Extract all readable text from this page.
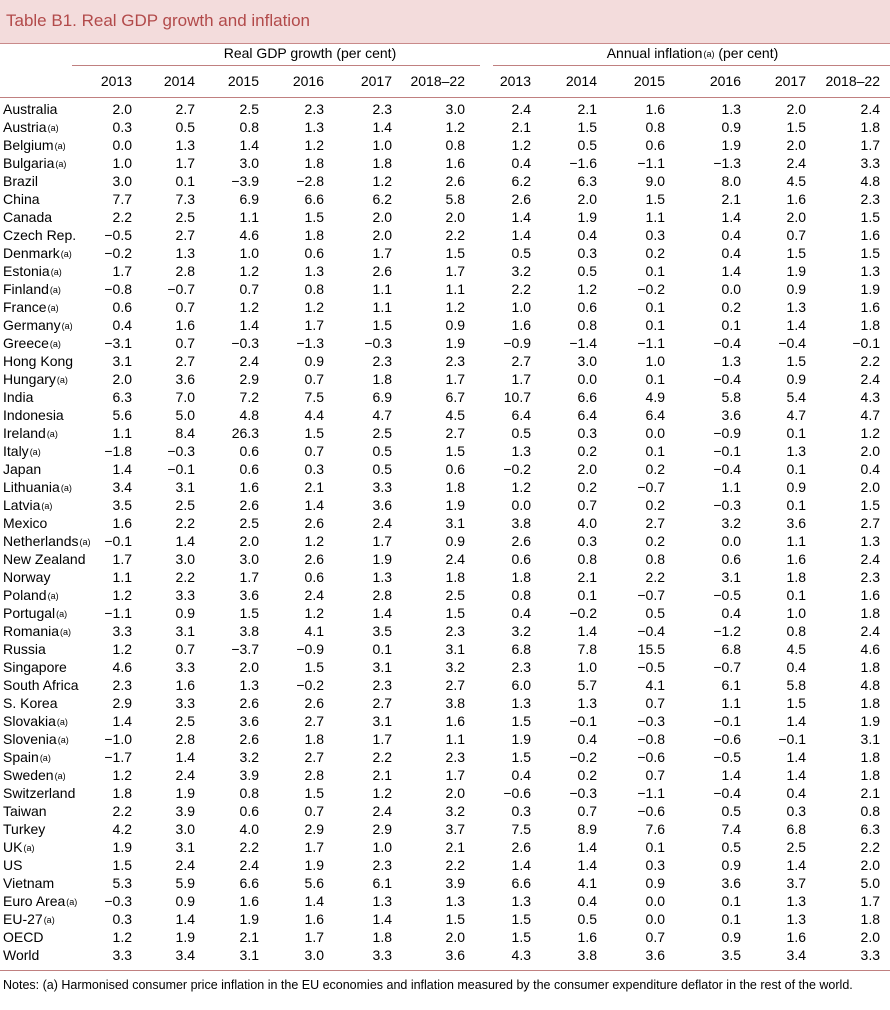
Table B1. Real GDP growth and inflation
Real GDP growth (per cent)	Annual inflation(a) (per cent)
2013	2014	2015	2016	2017	2018–22	2013	2014	2015	2016	2017	2018–22
Australia	2.0	2.7	2.5	2.3	2.3	3.0	2.4	2.1	1.6	1.3	2.0	2.4
Austria(a)	0.3	0.5	0.8	1.3	1.4	1.2	2.1	1.5	0.8	0.9	1.5	1.8
Belgium(a)	0.0	1.3	1.4	1.2	1.0	0.8	1.2	0.5	0.6	1.9	2.0	1.7
Bulgaria(a)	1.0	1.7	3.0	1.8	1.8	1.6	0.4	−1.6	−1.1	−1.3	2.4	3.3
Brazil	3.0	0.1	−3.9	−2.8	1.2	2.6	6.2	6.3	9.0	8.0	4.5	4.8
China	7.7	7.3	6.9	6.6	6.2	5.8	2.6	2.0	1.5	2.1	1.6	2.3
Canada	2.2	2.5	1.1	1.5	2.0	2.0	1.4	1.9	1.1	1.4	2.0	1.5
Czech Rep.	−0.5	2.7	4.6	1.8	2.0	2.2	1.4	0.4	0.3	0.4	0.7	1.6
Denmark(a)	−0.2	1.3	1.0	0.6	1.7	1.5	0.5	0.3	0.2	0.4	1.5	1.5
Estonia(a)	1.7	2.8	1.2	1.3	2.6	1.7	3.2	0.5	0.1	1.4	1.9	1.3
Finland(a)	−0.8	−0.7	0.7	0.8	1.1	1.1	2.2	1.2	−0.2	0.0	0.9	1.9
France(a)	0.6	0.7	1.2	1.2	1.1	1.2	1.0	0.6	0.1	0.2	1.3	1.6
Germany(a)	0.4	1.6	1.4	1.7	1.5	0.9	1.6	0.8	0.1	0.1	1.4	1.8
Greece(a)	−3.1	0.7	−0.3	−1.3	−0.3	1.9	−0.9	−1.4	−1.1	−0.4	−0.4	−0.1
Hong Kong	3.1	2.7	2.4	0.9	2.3	2.3	2.7	3.0	1.0	1.3	1.5	2.2
Hungary(a)	2.0	3.6	2.9	0.7	1.8	1.7	1.7	0.0	0.1	−0.4	0.9	2.4
India	6.3	7.0	7.2	7.5	6.9	6.7	10.7	6.6	4.9	5.8	5.4	4.3
Indonesia	5.6	5.0	4.8	4.4	4.7	4.5	6.4	6.4	6.4	3.6	4.7	4.7
Ireland(a)	1.1	8.4	26.3	1.5	2.5	2.7	0.5	0.3	0.0	−0.9	0.1	1.2
Italy(a)	−1.8	−0.3	0.6	0.7	0.5	1.5	1.3	0.2	0.1	−0.1	1.3	2.0
Japan	1.4	−0.1	0.6	0.3	0.5	0.6	−0.2	2.0	0.2	−0.4	0.1	0.4
Lithuania(a)	3.4	3.1	1.6	2.1	3.3	1.8	1.2	0.2	−0.7	1.1	0.9	2.0
Latvia(a)	3.5	2.5	2.6	1.4	3.6	1.9	0.0	0.7	0.2	−0.3	0.1	1.5
Mexico	1.6	2.2	2.5	2.6	2.4	3.1	3.8	4.0	2.7	3.2	3.6	2.7
Netherlands(a) −0.1	1.4	2.0	1.2	1.7	0.9	2.6	0.3	0.2	0.0	1.1	1.3
New Zealand	1.7	3.0	3.0	2.6	1.9	2.4	0.6	0.8	0.8	0.6	1.6	2.4
Norway	1.1	2.2	1.7	0.6	1.3	1.8	1.8	2.1	2.2	3.1	1.8	2.3
Poland(a)	1.2	3.3	3.6	2.4	2.8	2.5	0.8	0.1	−0.7	−0.5	0.1	1.6
Portugal(a)	−1.1	0.9	1.5	1.2	1.4	1.5	0.4	−0.2	0.5	0.4	1.0	1.8
Romania(a)	3.3	3.1	3.8	4.1	3.5	2.3	3.2	1.4	−0.4	−1.2	0.8	2.4
Russia	1.2	0.7	−3.7	−0.9	0.1	3.1	6.8	7.8	15.5	6.8	4.5	4.6
Singapore	4.6	3.3	2.0	1.5	3.1	3.2	2.3	1.0	−0.5	−0.7	0.4	1.8
South Africa	2.3	1.6	1.3	−0.2	2.3	2.7	6.0	5.7	4.1	6.1	5.8	4.8
S. Korea	2.9	3.3	2.6	2.6	2.7	3.8	1.3	1.3	0.7	1.1	1.5	1.8
Slovakia(a)	1.4	2.5	3.6	2.7	3.1	1.6	1.5	−0.1	−0.3	−0.1	1.4	1.9
Slovenia(a)	−1.0	2.8	2.6	1.8	1.7	1.1	1.9	0.4	−0.8	−0.6	−0.1	3.1
Spain(a)	−1.7	1.4	3.2	2.7	2.2	2.3	1.5	−0.2	−0.6	−0.5	1.4	1.8
Sweden(a)	1.2	2.4	3.9	2.8	2.1	1.7	0.4	0.2	0.7	1.4	1.4	1.8
Switzerland	1.8	1.9	0.8	1.5	1.2	2.0	−0.6	−0.3	−1.1	−0.4	0.4	2.1
Taiwan	2.2	3.9	0.6	0.7	2.4	3.2	0.3	0.7	−0.6	0.5	0.3	0.8
Turkey	4.2	3.0	4.0	2.9	2.9	3.7	7.5	8.9	7.6	7.4	6.8	6.3
UK(a)	1.9	3.1	2.2	1.7	1.0	2.1	2.6	1.4	0.1	0.5	2.5	2.2
US	1.5	2.4	2.4	1.9	2.3	2.2	1.4	1.4	0.3	0.9	1.4	2.0
Vietnam	5.3	5.9	6.6	5.6	6.1	3.9	6.6	4.1	0.9	3.6	3.7	5.0
Euro Area(a)	−0.3	0.9	1.6	1.4	1.3	1.3	1.3	0.4	0.0	0.1	1.3	1.7
EU-27(a)	0.3	1.4	1.9	1.6	1.4	1.5	1.5	0.5	0.0	0.1	1.3	1.8
OECD	1.2	1.9	2.1	1.7	1.8	2.0	1.5	1.6	0.7	0.9	1.6	2.0
World	3.3	3.4	3.1	3.0	3.3	3.6	4.3	3.8	3.6	3.5	3.4	3.3
Notes: (a) Harmonised consumer price inflation in the EU economies and inflation measured by the consumer expenditure deflator in the rest of the world.
